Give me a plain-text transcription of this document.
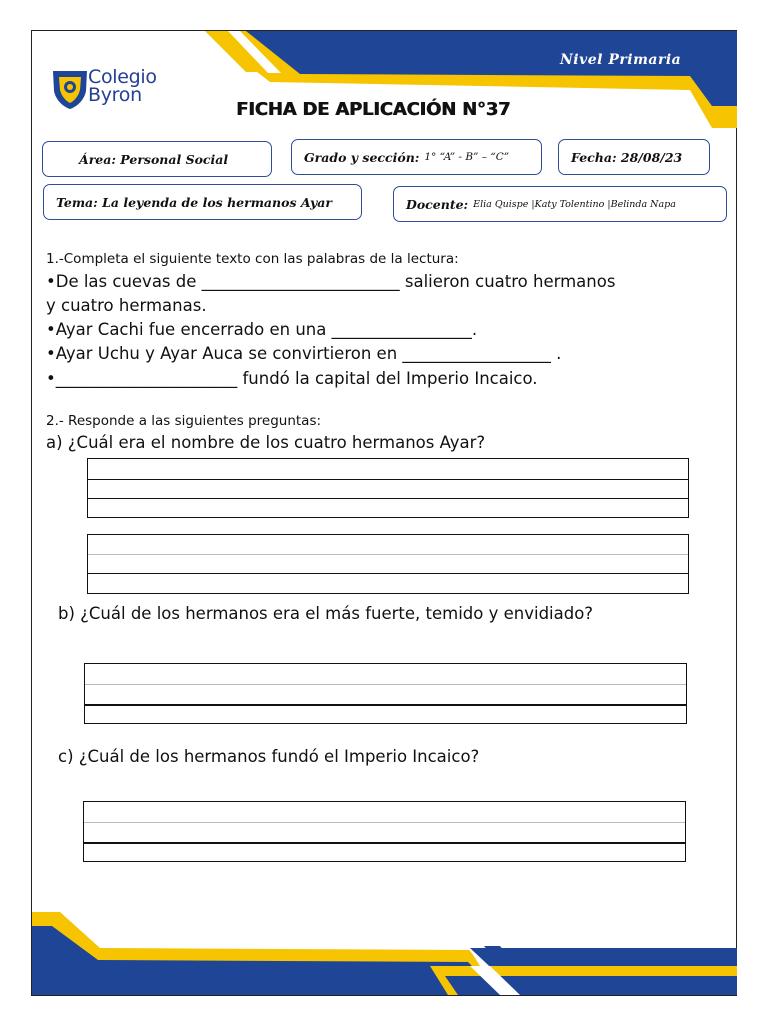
Colegio
Byron
Nivel Primaria
FICHA DE APLICACIÓN N°37
Área: Personal Social	Grado y sección: 1° “A” - B” – “C”	Fecha: 28/08/23
Tema: La leyenda de los hermanos Ayar	Docente: Elia Quispe |Katy Tolentino |Belinda Napa
1.-Completa el siguiente texto con las palabras de la lectura:
•De las cuevas de ________________________ salieron cuatro hermanos
y cuatro hermanas.
•Ayar Cachi fue encerrado en una _________________.
•Ayar Uchu y Ayar Auca se convirtieron en __________________ .
•______________________ fundó la capital del Imperio Incaico.
2.- Responde a las siguientes preguntas:
a) ¿Cuál era el nombre de los cuatro hermanos Ayar?
b) ¿Cuál de los hermanos era el más fuerte, temido y envidiado?
c) ¿Cuál de los hermanos fundó el Imperio Incaico?
